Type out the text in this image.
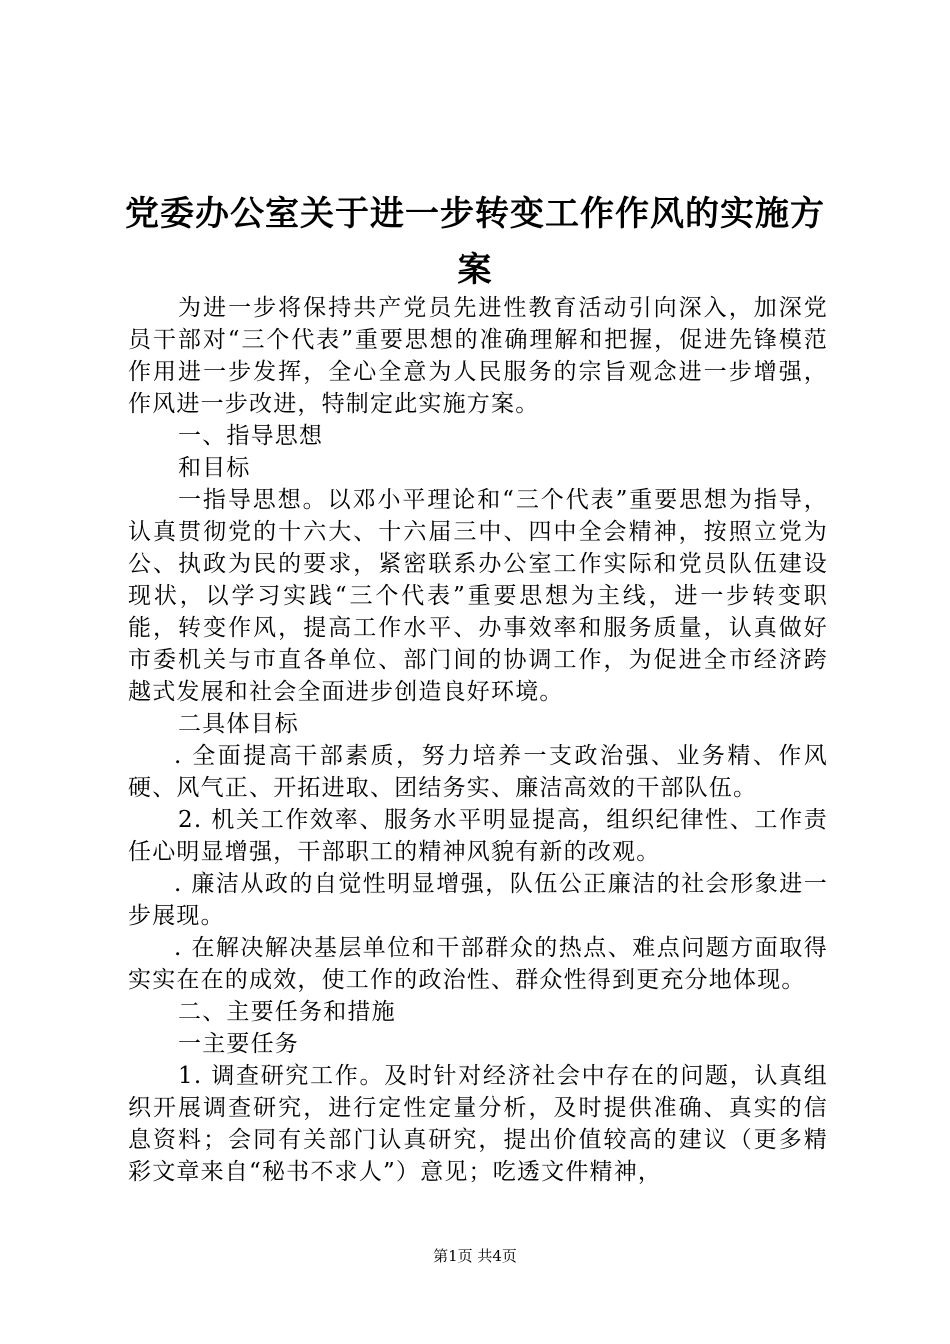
党委办公室关于进一步转变工作作风的实施方案

为进一步将保持共产党员先进性教育活动引向深入，加深党员干部对“三个代表”重要思想的准确理解和把握，促进先锋模范作用进一步发挥，全心全意为人民服务的宗旨观念进一步增强，作风进一步改进，特制定此实施方案。

一、指导思想

和目标

一指导思想。以邓小平理论和“三个代表”重要思想为指导，认真贯彻党的十六大、十六届三中、四中全会精神，按照立党为公、执政为民的要求，紧密联系办公室工作实际和党员队伍建设现状，以学习实践“三个代表”重要思想为主线，进一步转变职能，转变作风，提高工作水平、办事效率和服务质量，认真做好市委机关与市直各单位、部门间的协调工作，为促进全市经济跨越式发展和社会全面进步创造良好环境。

二具体目标

. 全面提高干部素质，努力培养一支政治强、业务精、作风硬、风气正、开拓进取、团结务实、廉洁高效的干部队伍。

2. 机关工作效率、服务水平明显提高，组织纪律性、工作责任心明显增强，干部职工的精神风貌有新的改观。

. 廉洁从政的自觉性明显增强，队伍公正廉洁的社会形象进一步展现。

. 在解决解决基层单位和干部群众的热点、难点问题方面取得实实在在的成效，使工作的政治性、群众性得到更充分地体现。

二、主要任务和措施

一主要任务

1. 调查研究工作。及时针对经济社会中存在的问题，认真组织开展调查研究，进行定性定量分析，及时提供准确、真实的信息资料；会同有关部门认真研究，提出价值较高的建议（更多精彩文章来自“秘书不求人”）意见；吃透文件精神，

第1页 共4页
